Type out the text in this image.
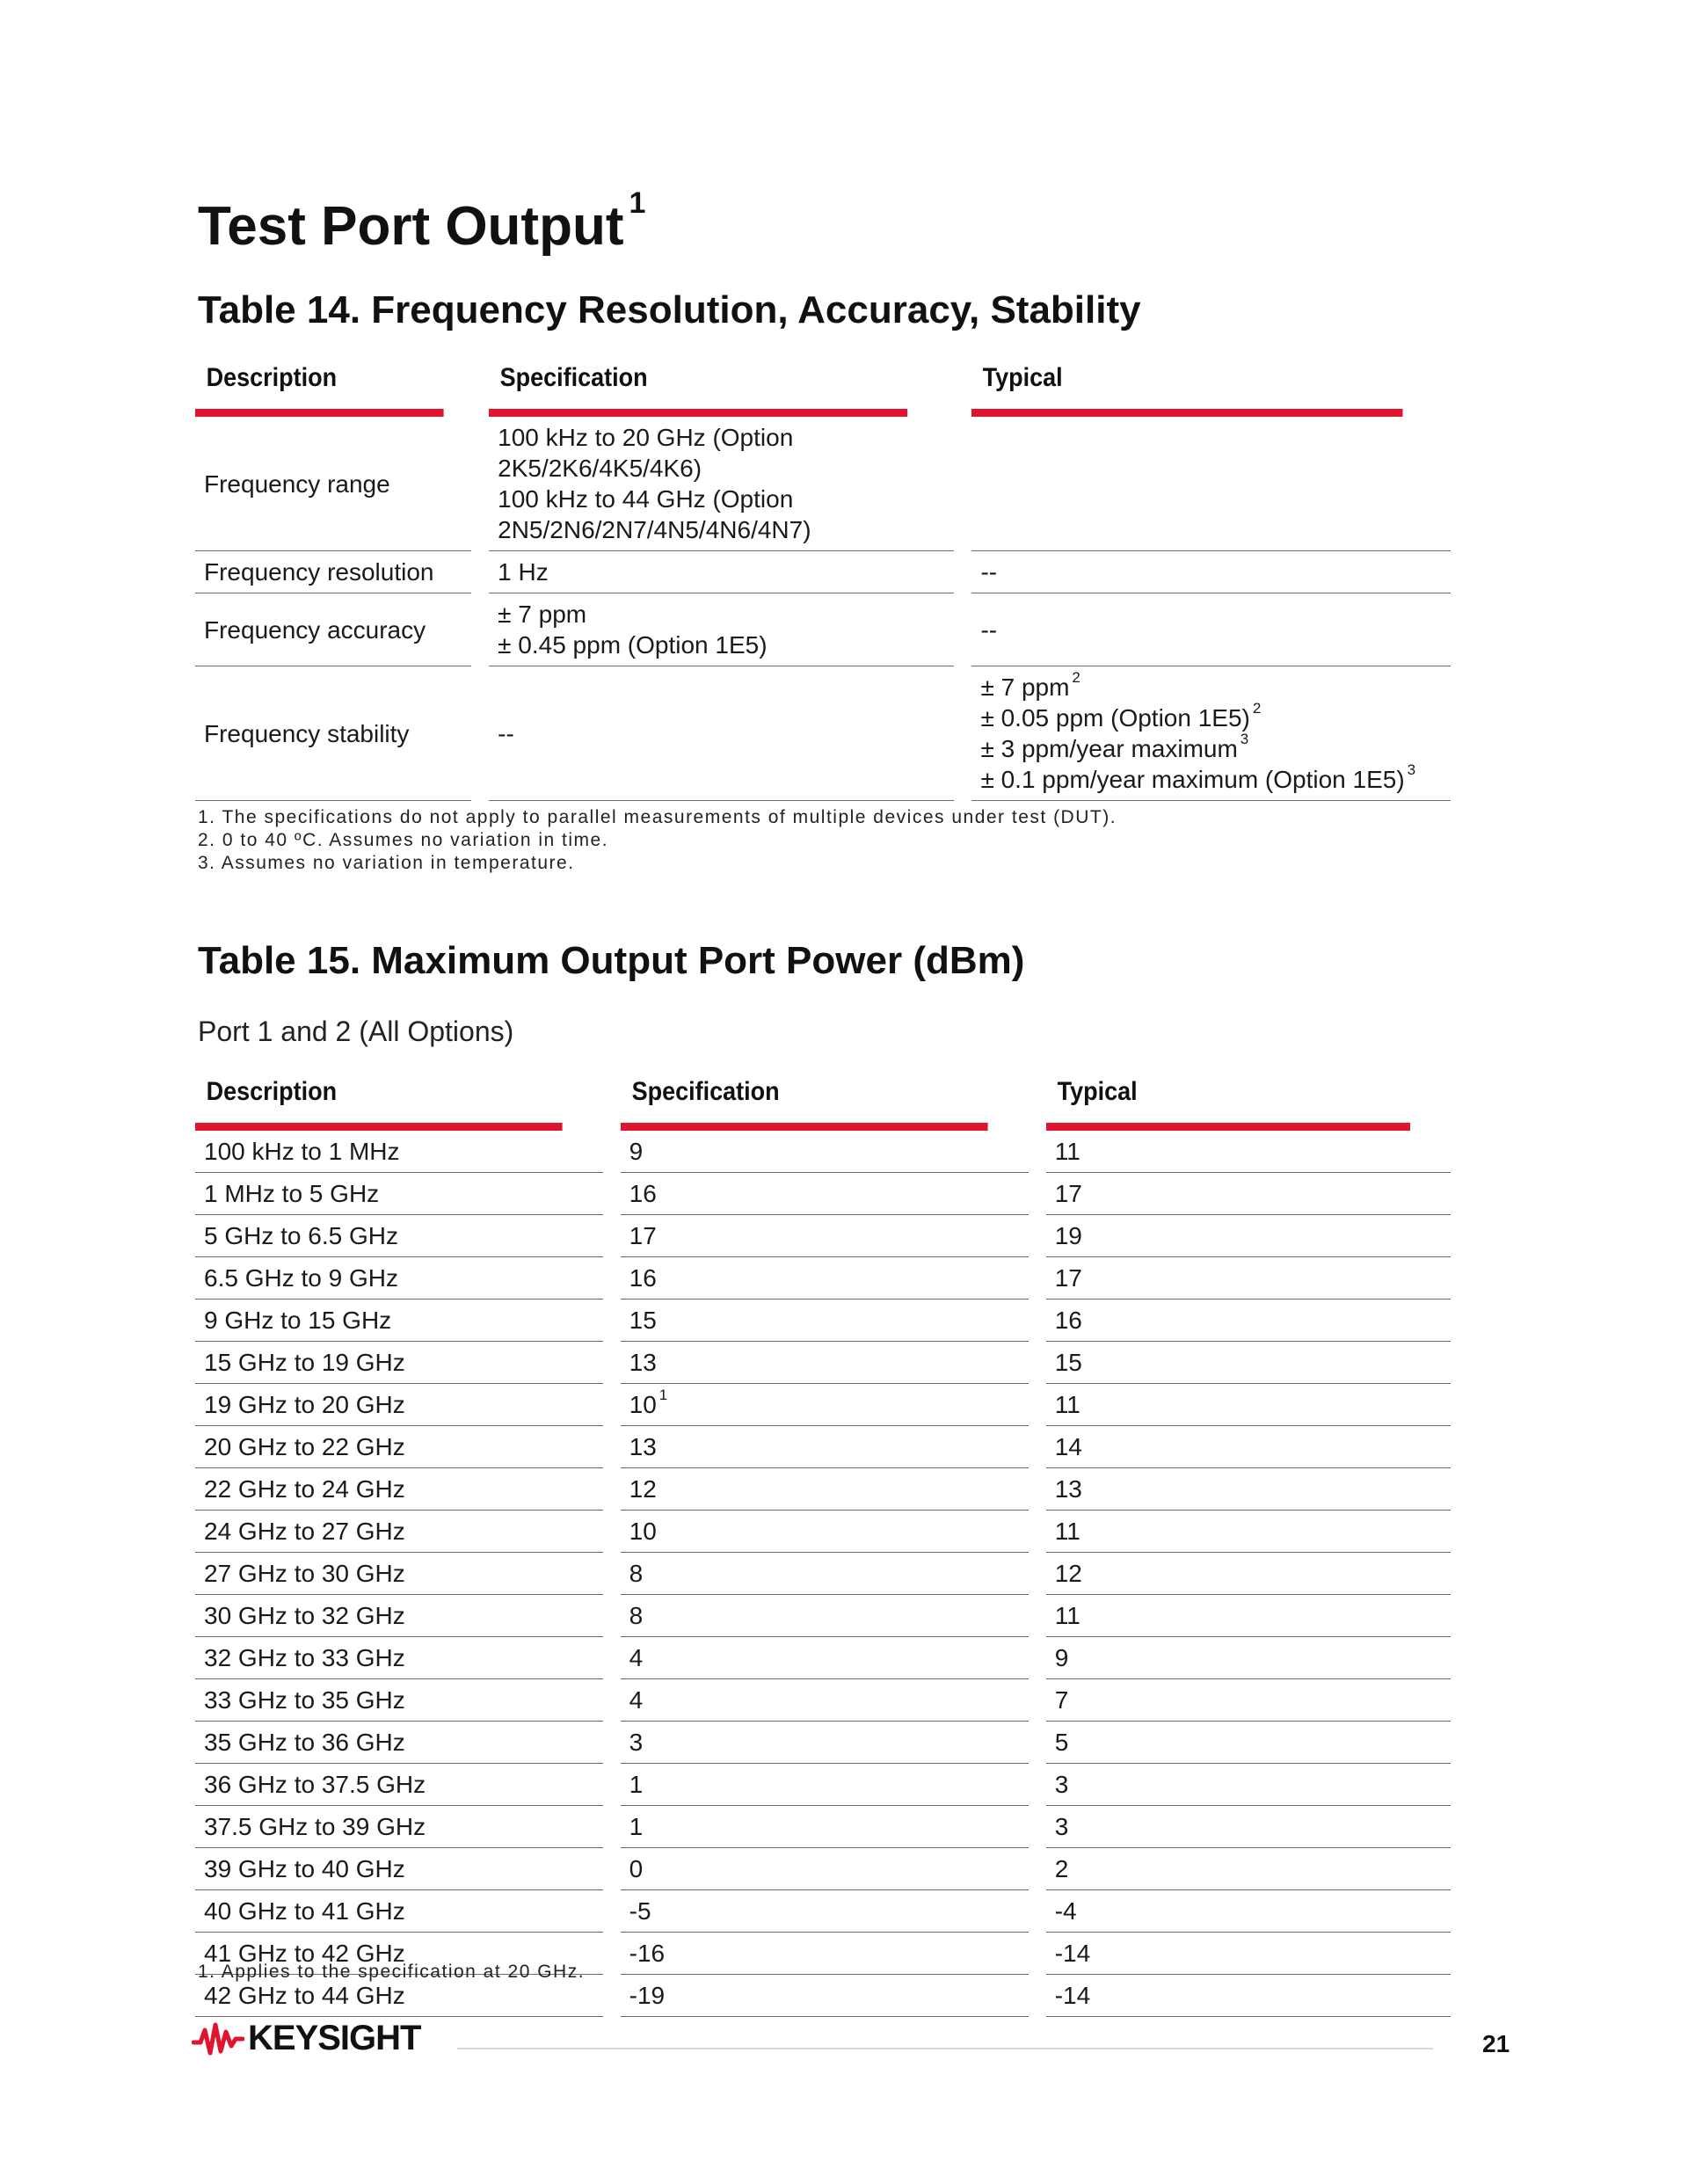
Test Port Output $^1$
Table 14. Frequency Resolution, Accuracy, Stability
Description	Specification	Typical
Frequency range	100 kHz to 20 GHz (Option
2K5/2K6/4K5/4K6)
100 kHz to 44 GHz (Option
2N5/2N6/2N7/4N5/4N6/4N7)	

Frequency resolution	1 Hz	--

Frequency accuracy	± 7 ppm
± 0.45 ppm (Option 1E5)	--

Frequency stability	--	± 7 ppm $^2$
± 0.05 ppm (Option 1E5) $^2$
± 3 ppm/year maximum $^3$
± 0.1 ppm/year maximum (Option 1E5) $^3$
1. The specifications do not apply to parallel measurements of multiple devices under test (DUT).
2. 0 to 40 ºC. Assumes no variation in time.
3. Assumes no variation in temperature.
Table 15. Maximum Output Port Power (dBm)

Port 1 and 2 (All Options)

Description	Specification	Typical
100 kHz to 1 MHz	9	11
1 MHz to 5 GHz	16	17
5 GHz to 6.5 GHz	17	19
6.5 GHz to 9 GHz	16	17
9 GHz to 15 GHz	15	16
15 GHz to 19 GHz	13	15
19 GHz to 20 GHz	10 $^1$	11
20 GHz to 22 GHz	13	14
22 GHz to 24 GHz	12	13
24 GHz to 27 GHz	10	11
27 GHz to 30 GHz	8	12
30 GHz to 32 GHz	8	11
32 GHz to 33 GHz	4	9
33 GHz to 35 GHz	4	7
35 GHz to 36 GHz	3	5
36 GHz to 37.5 GHz	1	3
37.5 GHz to 39 GHz	1	3
39 GHz to 40 GHz	0	2
40 GHz to 41 GHz	-5	-4
41 GHz to 42 GHz	-16	-14
42 GHz to 44 GHz	-19	-14
1. Applies to the specification at 20 GHz.
KEYSIGHT	21
